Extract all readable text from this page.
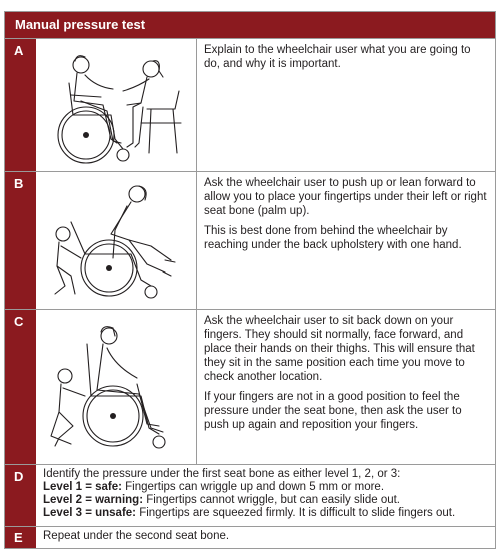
Manual pressure test
A	Explain to the wheelchair user what you are going to do, and why it is important.

B	Ask the wheelchair user to push up or lean forward to allow you to place your fingertips under their left or right seat bone (palm up).

This is best done from behind the wheelchair by reaching under the back upholstery with one hand.

C	Ask the wheelchair user to sit back down on your fingers. They should sit normally, face forward, and place their hands on their thighs. This will ensure that they sit in the same position each time you move to check another location.

If your fingers are not in a good position to feel the pressure under the seat bone, then ask the user to push up again and reposition your fingers.

D	Identify the pressure under the first seat bone as either level 1, 2, or 3:
Level 1 = safe: Fingertips can wriggle up and down 5 mm or more.
Level 2 = warning: Fingertips cannot wriggle, but can easily slide out.
Level 3 = unsafe: Fingertips are squeezed firmly. It is difficult to slide fingers out.
E	Repeat under the second seat bone.
